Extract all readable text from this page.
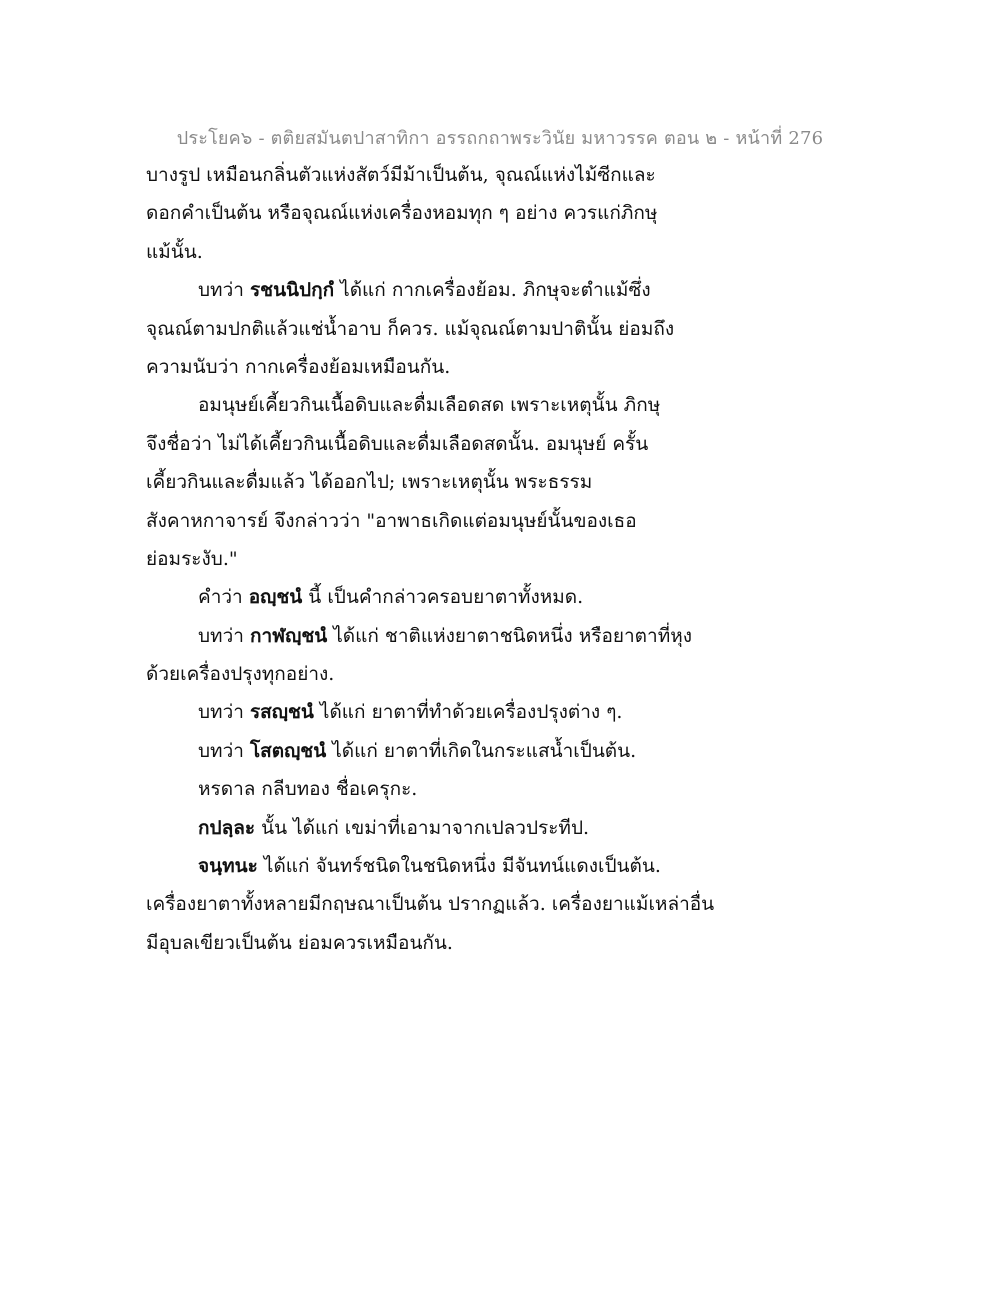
ประโยค๖ - ตติยสมันตปาสาทิกา อรรถกถาพระวินัย มหาวรรค ตอน ๒ - หน้าที่ 276
บางรูป เหมือนกลิ่นตัวแห่งสัตว์มีม้าเป็นต้น, จุณณ์แห่งไม้ซีกและ
ดอกคำเป็นต้น หรือจุณณ์แห่งเครื่องหอมทุก ๆ อย่าง ควรแก่ภิกษุ
แม้นั้น.
บทว่า รชนนิปกฺกํ ได้แก่ กากเครื่องย้อม. ภิกษุจะตำแม้ซึ่ง
จุณณ์ตามปกติแล้วแช่น้ำอาบ ก็ควร. แม้จุณณ์ตามปาตินั้น ย่อมถึง
ความนับว่า กากเครื่องย้อมเหมือนกัน.
อมนุษย์เคี้ยวกินเนื้อดิบและดื่มเลือดสด เพราะเหตุนั้น ภิกษุ
จึงชื่อว่า ไม่ได้เคี้ยวกินเนื้อดิบและดื่มเลือดสดนั้น. อมนุษย์ ครั้น
เคี้ยวกินและดื่มแล้ว ได้ออกไป; เพราะเหตุนั้น พระธรรม
สังคาหกาจารย์ จึงกล่าวว่า "อาพาธเกิดแต่อมนุษย์นั้นของเธอ
ย่อมระงับ."
คำว่า อญฺชนํ นี้ เป็นคำกล่าวครอบยาตาทั้งหมด.
บทว่า กาฬญฺชนํ ได้แก่ ชาติแห่งยาตาชนิดหนึ่ง หรือยาตาที่หุง
ด้วยเครื่องปรุงทุกอย่าง.
บทว่า รสญฺชนํ ได้แก่ ยาตาที่ทำด้วยเครื่องปรุงต่าง ๆ.
บทว่า โสตญฺชนํ ได้แก่ ยาตาที่เกิดในกระแสน้ำเป็นต้น.
หรดาล กลีบทอง ชื่อเครุกะ.
กปลฺละ นั้น ได้แก่ เขม่าที่เอามาจากเปลวประทีป.
จนฺทนะ ได้แก่ จันทร์ชนิดในชนิดหนึ่ง มีจันทน์แดงเป็นต้น.
เครื่องยาตาทั้งหลายมีกฤษณาเป็นต้น ปรากฏแล้ว. เครื่องยาแม้เหล่าอื่น
มีอุบลเขียวเป็นต้น ย่อมควรเหมือนกัน.
